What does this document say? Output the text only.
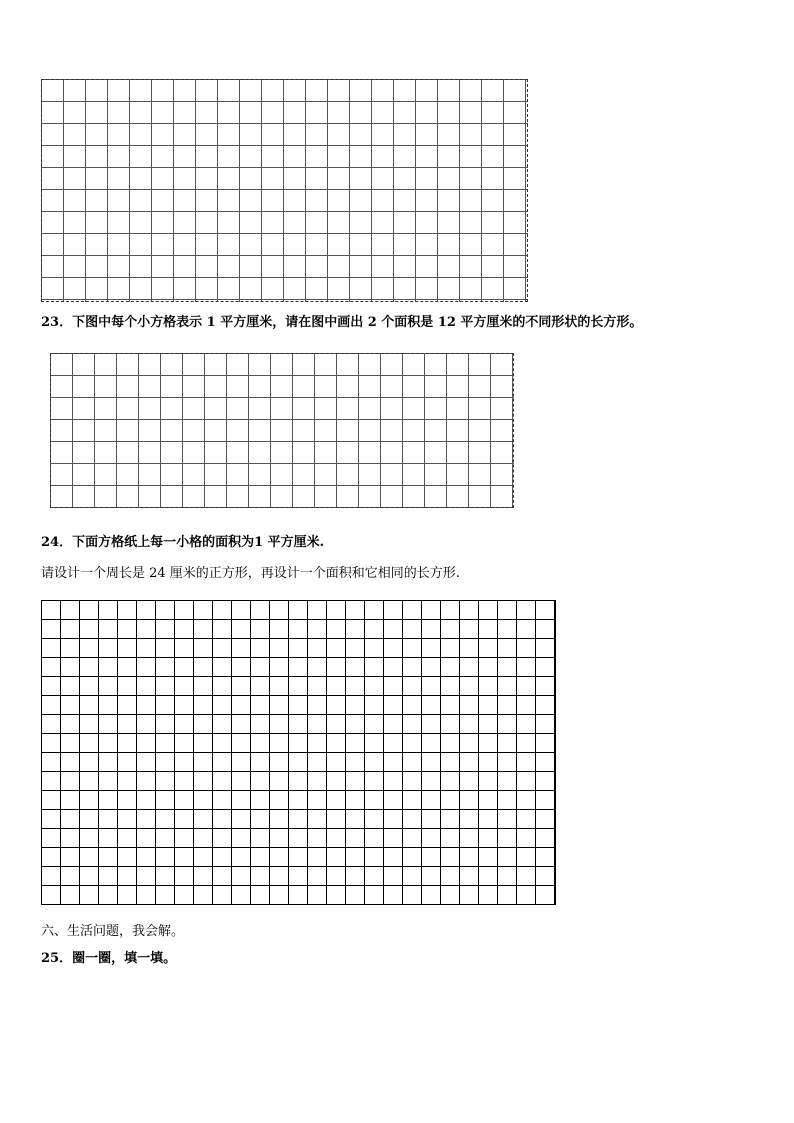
23．下图中每个小方格表示 1 平方厘米，请在图中画出 2 个面积是 12 平方厘米的不同形状的长方形。
24．下面方格纸上每一小格的面积为1 平方厘米.
请设计一个周长是 24 厘米的正方形，再设计一个面积和它相同的长方形.
六、生活问题，我会解。
25．圈一圈，填一填。
